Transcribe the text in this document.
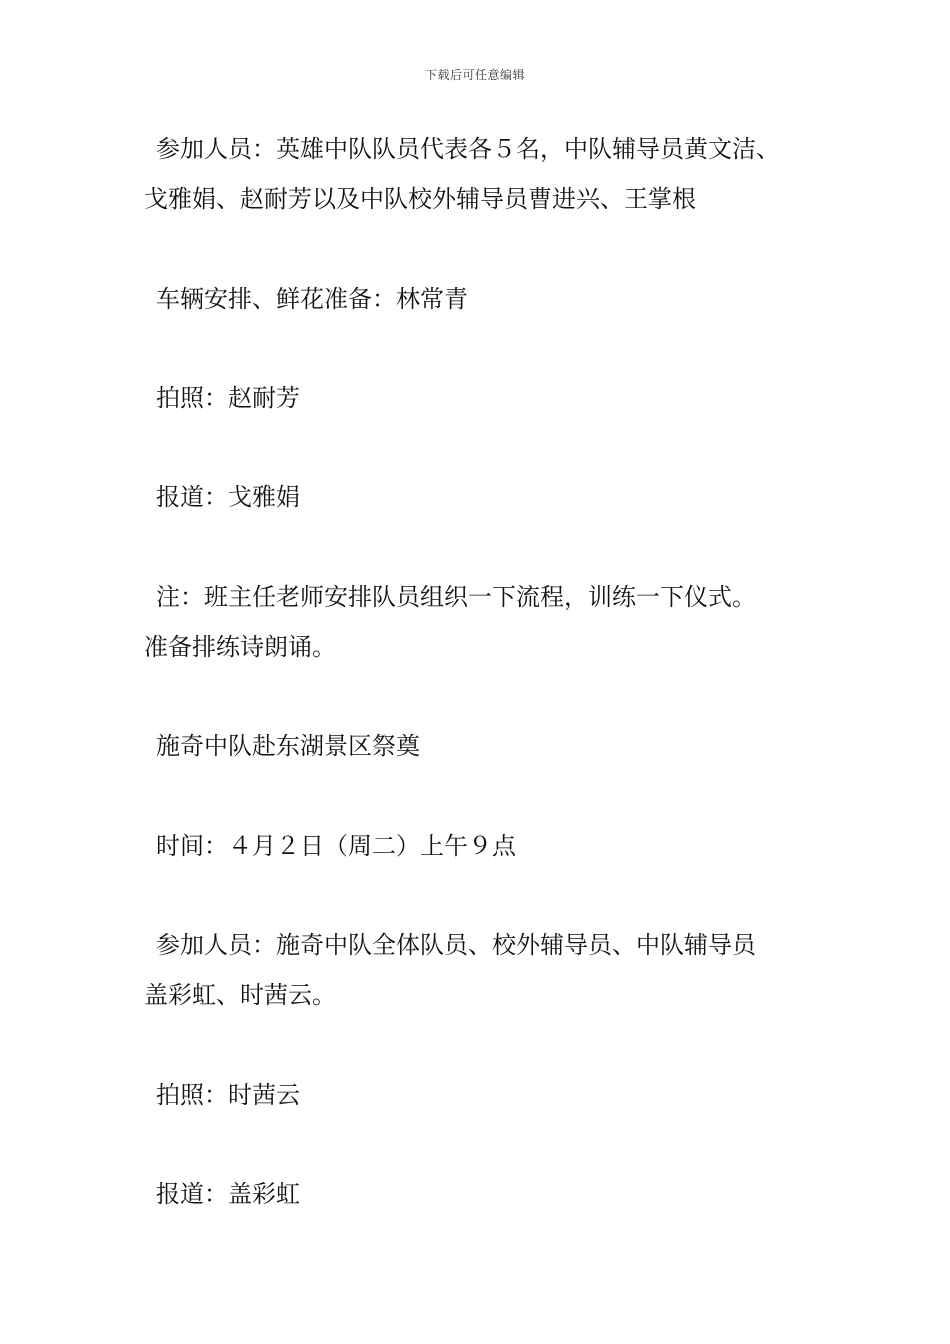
下载后可任意编辑

参加人员：英雄中队队员代表各５名，中队辅导员黄文洁、
戈雅娟、赵耐芳以及中队校外辅导员曹进兴、王掌根

车辆安排、鲜花准备：林常青

拍照：赵耐芳

报道：戈雅娟

注：班主任老师安排队员组织一下流程，训练一下仪式。
准备排练诗朗诵。

施奇中队赴东湖景区祭奠

时间：４月２日（周二）上午９点

参加人员：施奇中队全体队员、校外辅导员、中队辅导员
盖彩虹、时茜云。

拍照：时茜云

报道：盖彩虹
